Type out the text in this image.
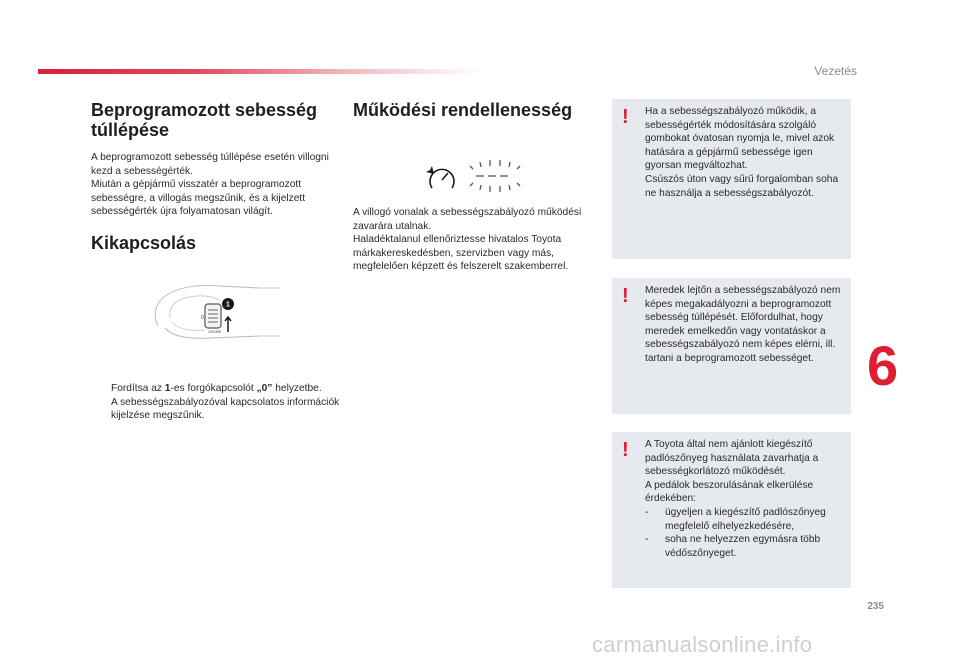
Vezetés
6
235
Beprogramozott sebesség túllépése
A beprogramozott sebesség túllépése esetén villogni kezd a sebességérték.
Miután a gépjármű visszatér a beprogramozott sebességre, a villogás megszűnik, és a kijelzett sebességérték újra folyamatosan világít.
Kikapcsolás
0
1
CRUISE
Fordítsa az 1-es forgókapcsolót „0” helyzetbe.
A sebességszabályozóval kapcsolatos információk kijelzése megszűnik.
Működési rendellenesség
A villogó vonalak a sebességszabályozó működési zavarára utalnak.
Haladéktalanul ellenőriztesse hivatalos Toyota márkakereskedésben, szervizben vagy más, megfelelően képzett és felszerelt szakemberrel.
! Ha a sebességszabályozó működik, a sebességérték módosítására szolgáló gombokat óvatosan nyomja le, mivel azok hatására a gépjármű sebessége igen gyorsan megváltozhat.
Csúszós úton vagy sűrű forgalomban soha ne használja a sebességszabályozót.
! Meredek lejtőn a sebességszabályozó nem képes megakadályozni a beprogramozott sebesség túllépését. Előfordulhat, hogy meredek emelkedőn vagy vontatáskor a sebességszabályozó nem képes elérni, ill. tartani a beprogramozott sebességet.
! A Toyota által nem ajánlott kiegészítő padlószőnyeg használata zavarhatja a sebességkorlátozó működését.
A pedálok beszorulásának elkerülése érdekében:
-	ügyeljen a kiegészítő padlószőnyeg megfelelő elhelyezkedésére,
-	soha ne helyezzen egymásra több védőszőnyeget.
carmanualsonline.info
